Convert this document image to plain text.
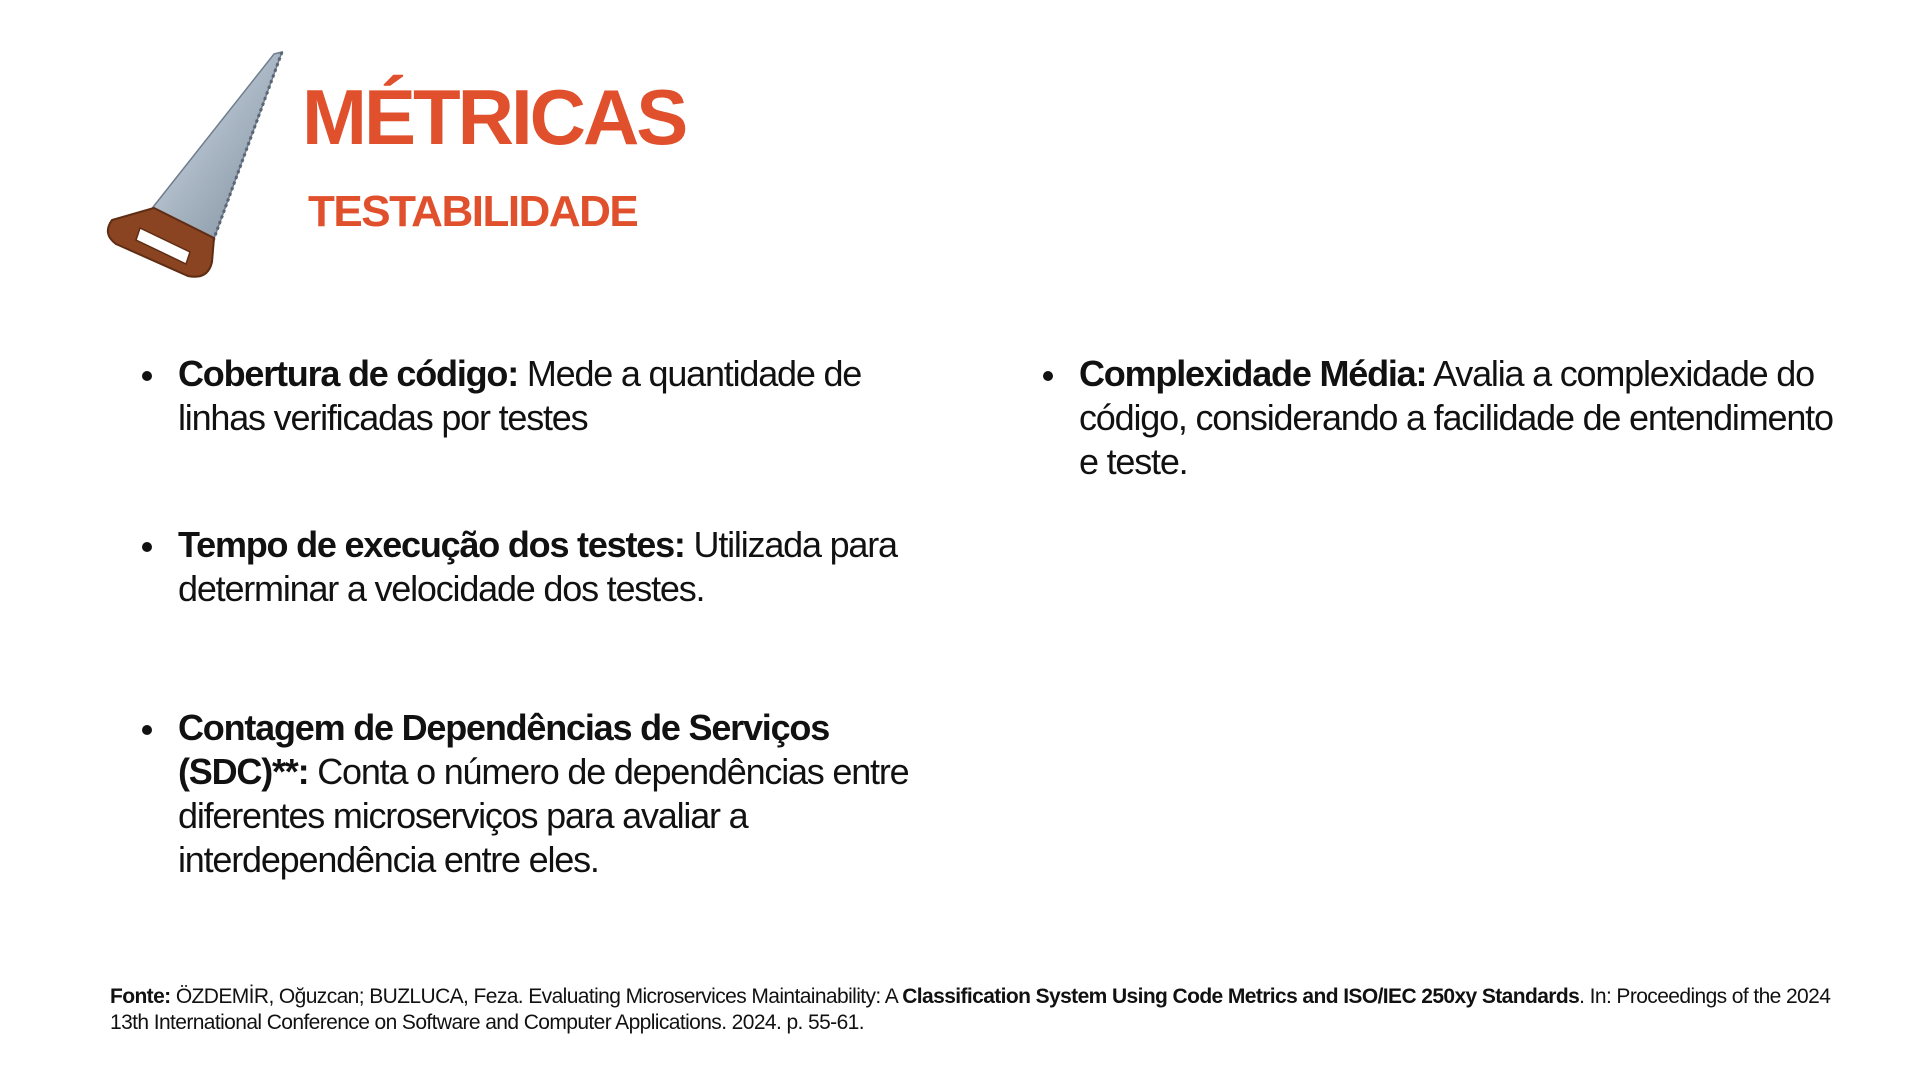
MÉTRICAS
TESTABILIDADE
Cobertura de código: Mede a quantidade de linhas verificadas por testes
Tempo de execução dos testes: Utilizada para determinar a velocidade dos testes.
Contagem de Dependências de Serviços (SDC)**: Conta o número de dependências entre diferentes microserviços para avaliar a interdependência entre eles.
Complexidade Média: Avalia a complexidade do código, considerando a facilidade de entendimento e teste.
Fonte: ÖZDEMİR, Oğuzcan; BUZLUCA, Feza. Evaluating Microservices Maintainability: A Classification System Using Code Metrics and ISO/IEC 250xy Standards. In: Proceedings of the 2024 13th International Conference on Software and Computer Applications. 2024. p. 55-61.
